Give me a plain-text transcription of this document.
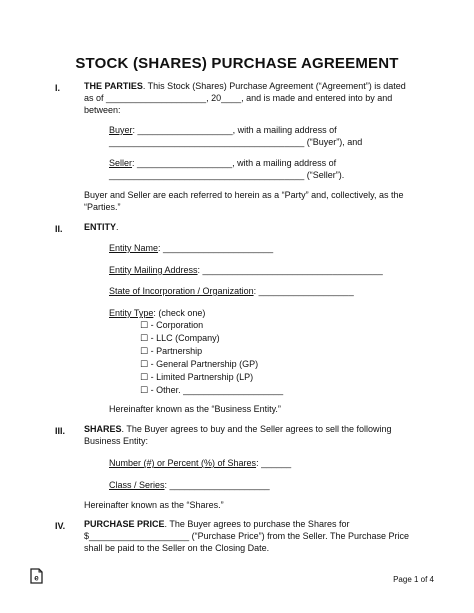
STOCK (SHARES) PURCHASE AGREEMENT
I.	THE PARTIES. This Stock (Shares) Purchase Agreement (“Agreement”) is dated
as of ____________________, 20____, and is made and entered into by and
between:
Buyer: ___________________, with a mailing address of
_______________________________________ (“Buyer”), and
Seller: ___________________, with a mailing address of
_______________________________________ (“Seller”).
Buyer and Seller are each referred to herein as a “Party” and, collectively, as the
“Parties.”
II. ENTITY.
Entity Name: ______________________
Entity Mailing Address: ____________________________________
State of Incorporation / Organization: ___________________
Entity Type: (check one)
☐ - Corporation
☐ - LLC (Company)
☐ - Partnership
☐ - General Partnership (GP)
☐ - Limited Partnership (LP)
☐ - Other. ____________________
Hereinafter known as the “Business Entity.”
III. SHARES. The Buyer agrees to buy and the Seller agrees to sell the following
Business Entity:
Number (#) or Percent (%) of Shares: ______
Class / Series: ____________________
Hereinafter known as the “Shares.”
IV. PURCHASE PRICE. The Buyer agrees to purchase the Shares for
$____________________ (“Purchase Price”) from the Seller. The Purchase Price
shall be paid to the Seller on the Closing Date.
e	Page 1 of 4
